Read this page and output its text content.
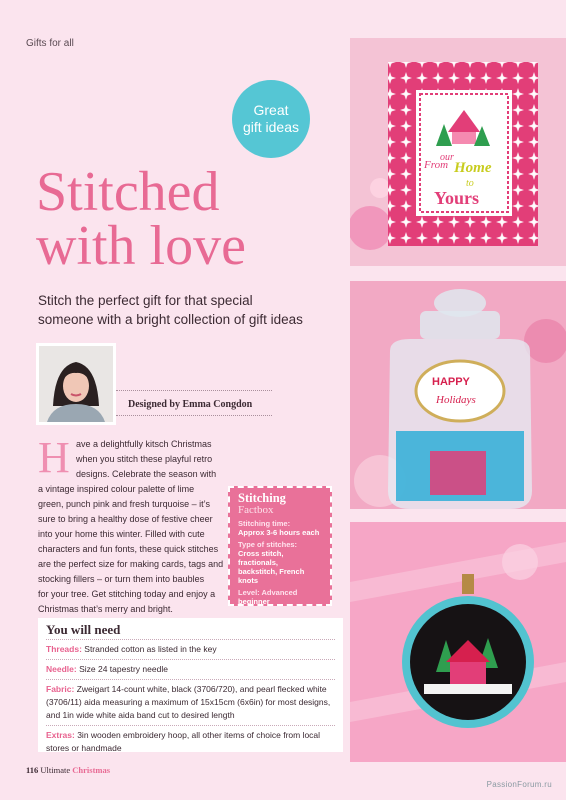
Gifts for all
Great
gift ideas
Stitched
with love
Stitch the perfect gift for that special
someone with a bright collection of gift ideas
Designed by Emma Congdon
H ave a delightfully kitsch Christmas
when you stitch these playful retro
designs. Celebrate the season with
a vintage inspired colour palette of lime
green, punch pink and fresh turquoise – it’s
sure to bring a healthy dose of festive cheer
into your home this winter. Filled with cute
characters and fun fonts, these quick stitches
are the perfect size for making cards, tags and
stocking fillers – or turn them into baubles
for your tree. Get stitching today and enjoy a
Christmas that’s merry and bright.
Stitching
Factbox
Stitching time:
Approx 3-6 hours each
Type of stitches:
Cross stitch, fractionals,
backstitch, French knots
Level: Advanced
beginner
You will need
Threads: Stranded cotton as listed in the key
Needle: Size 24 tapestry needle
Fabric: Zweigart 14-count white, black (3706/720), and pearl flecked white
(3706/11) aida measuring a maximum of 15x15cm (6x6in) for most designs,
and 1in wide white aida band cut to desired length
Extras: 3in wooden embroidery hoop, all other items of choice from local
stores or handmade
116 Ultimate Christmas
From
our
Home
to
Yours
HAPPY
Holidays
PassionForum.ru
